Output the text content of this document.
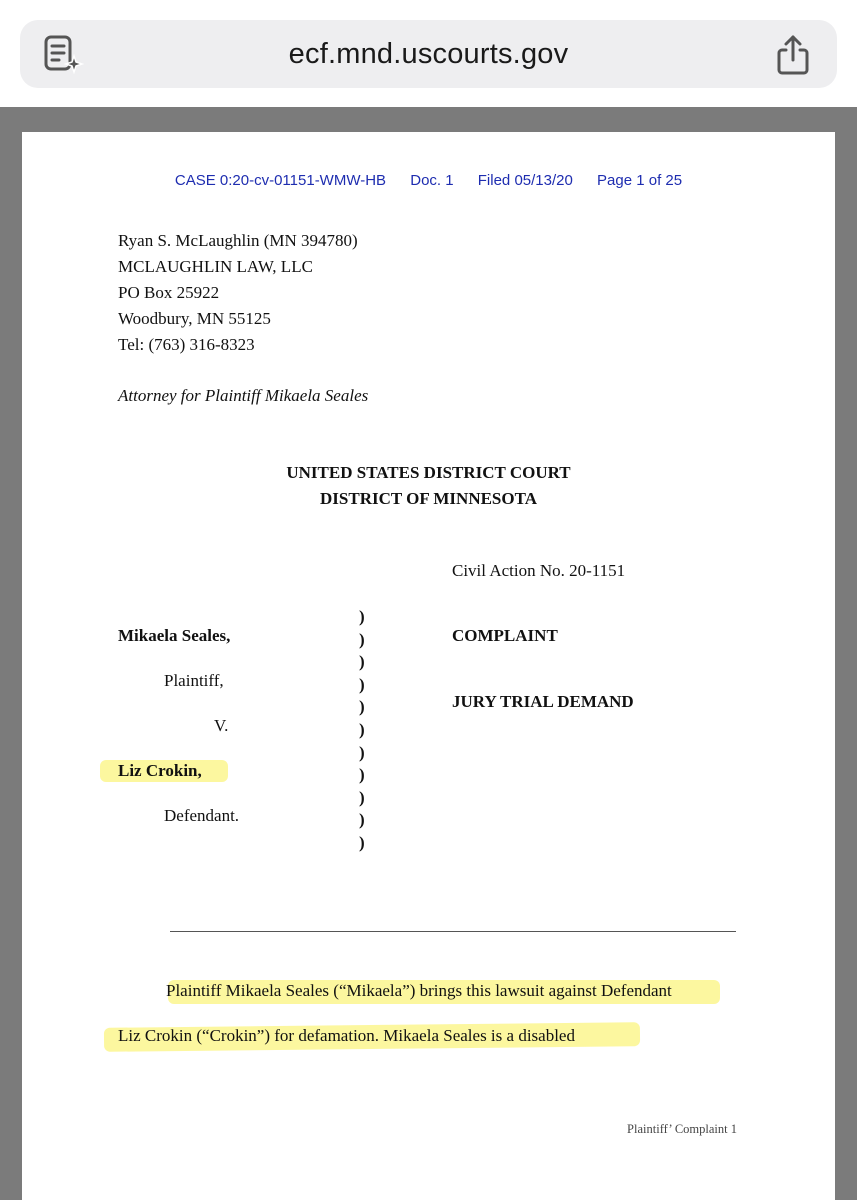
ecf.mnd.uscourts.gov
CASE 0:20-cv-01151-WMW-HB Doc. 1 Filed 05/13/20 Page 1 of 25
Ryan S. McLaughlin (MN 394780)
MCLAUGHLIN LAW, LLC
PO Box 25922
Woodbury, MN 55125
Tel: (763) 316-8323
Attorney for Plaintiff Mikaela Seales
UNITED STATES DISTRICT COURT
DISTRICT OF MINNESOTA
Civil Action No. 20-1151
Mikaela Seales,
Plaintiff,
V.
Liz Crokin,
Defendant.
)
)
)
)
)
)
)
)
)
)
)
COMPLAINT
JURY TRIAL DEMAND
Plaintiff Mikaela Seales (“Mikaela”) brings this lawsuit against Defendant
Liz Crokin (“Crokin”) for defamation. Mikaela Seales is a disabled
Plaintiff’ Complaint 1
